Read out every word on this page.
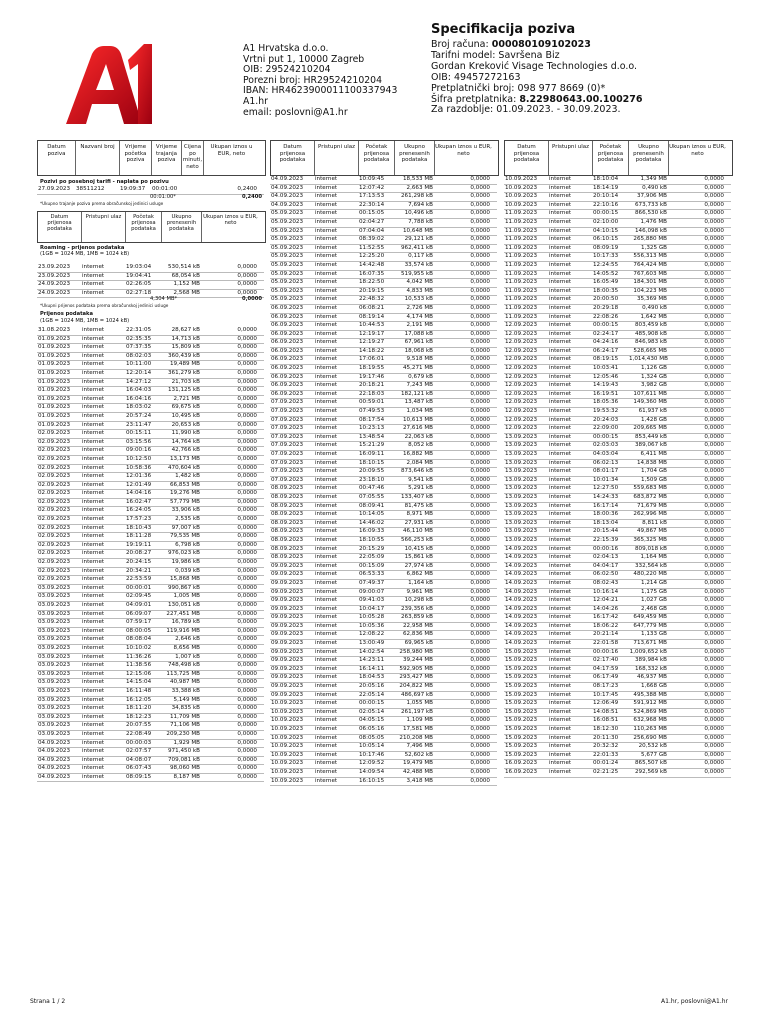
A1 Hrvatska d.o.o.
Vrtni put 1, 10000 Zagreb
OIB: 29524210204
Porezni broj: HR29524210204
IBAN: HR4623900011100337943
A1.hr
email: poslovni@A1.hr
Specifikacija poziva
Broj računa: 000080109102023
Tarifni model: Savršena Biz
Gordan Kreković Visage Technologies d.o.o.
OIB: 49457272163
Pretplatnički broj: 098 977 8669 (0)*
Šifra pretplatnika: 8.22980643.00.100276
Za razdoblje: 01.09.2023. - 30.09.2023.
Datum poziva
Nazvani broj	Vrijeme početka poziva
Vrijeme trajanja poziva
Cijena po minuti, neto
Ukupan iznos u EUR, neto
Datum prijenosa podataka
Pristupni ulaz	Početak prijenosa podataka
Ukupno prenesenih podataka
Ukupan iznos u EUR, neto
Datum prijenosa podataka
Pristupni ulaz	Početak prijenosa podataka
Ukupno prenesenih podataka
Ukupan iznos u EUR, neto
Pozivi po posebnoj tarifi - naplata po pozivu
27.09.2023	38511212	19:09:37	00:01:00	0,2400
00:01:00*	0,2400
*Ukupno trajanje poziva prema obračunskoj jedinici usluge
Datum prijenosa podataka
Pristupni ulaz	Početak prijenosa podataka
Ukupno prenesenih podataka
Ukupan iznos u EUR, neto
Roaming - prijenos podataka
(1GB = 1024 MB, 1MB = 1024 kB)
23.09.2023	internet	19:03:04	530,514 kB	0,0000
23.09.2023	internet	19:04:41	68,054 kB	0,0000
24.09.2023	internet	02:26:05	1,152 MB	0,0000
24.09.2023	internet	02:27:18	2,568 MB	0,0000
4,304 MB*	0,0000
*Ukupni prijenos podataka prema obračunskoj jedinici usluge
Prijenos podataka
(1GB = 1024 MB, 1MB = 1024 kB)
31.08.2023	internet	22:31:05	28,627 kB	0,0000
01.09.2023	internet	02:35:35	14,713 kB	0,0000
01.09.2023	internet	07:37:35	15,809 kB	0,0000
01.09.2023	internet	08:02:03	360,439 kB	0,0000
01.09.2023	internet	10:11:00	19,489 MB	0,0000
01.09.2023	internet	12:20:14	361,279 kB	0,0000
01.09.2023	internet	14:27:12	21,703 kB	0,0000
01.09.2023	internet	16:04:03	131,125 kB	0,0000
01.09.2023	internet	16:04:16	2,721 MB	0,0000
01.09.2023	internet	18:03:02	69,675 kB	0,0000
01.09.2023	internet	20:57:24	10,495 kB	0,0000
01.09.2023	internet	23:11:47	20,653 kB	0,0000
02.09.2023	internet	00:15:11	11,990 kB	0,0000
02.09.2023	internet	03:15:56	14,764 kB	0,0000
02.09.2023	internet	09:00:16	42,766 kB	0,0000
02.09.2023	internet	10:12:50	13,173 MB	0,0000
02.09.2023	internet	10:58:36	470,604 kB	0,0000
02.09.2023	internet	12:01:36	1,482 kB	0,0000
02.09.2023	internet	12:01:49	66,853 MB	0,0000
02.09.2023	internet	14:04:16	19,276 MB	0,0000
02.09.2023	internet	16:02:47	57,779 MB	0,0000
02.09.2023	internet	16:24:05	33,906 kB	0,0000
02.09.2023	internet	17:57:23	2,535 kB	0,0000
02.09.2023	internet	18:10:43	97,007 kB	0,0000
02.09.2023	internet	18:11:28	79,535 MB	0,0000
02.09.2023	internet	19:19:11	6,798 kB	0,0000
02.09.2023	internet	20:08:27	976,023 kB	0,0000
02.09.2023	internet	20:24:15	19,986 kB	0,0000
02.09.2023	internet	20:34:21	0,039 kB	0,0000
02.09.2023	internet	22:53:59	15,868 MB	0,0000
03.09.2023	internet	00:00:01	990,867 kB	0,0000
03.09.2023	internet	02:09:45	1,005 MB	0,0000
03.09.2023	internet	04:09:01	130,051 kB	0,0000
03.09.2023	internet	06:09:07	227,451 MB	0,0000
03.09.2023	internet	07:59:17	16,789 kB	0,0000
03.09.2023	internet	08:00:05	119,916 MB	0,0000
03.09.2023	internet	08:08:04	2,646 kB	0,0000
03.09.2023	internet	10:10:02	8,656 MB	0,0000
03.09.2023	internet	11:36:26	1,007 kB	0,0000
03.09.2023	internet	11:38:56	748,498 kB	0,0000
03.09.2023	internet	12:15:06	113,725 MB	0,0000
03.09.2023	internet	14:15:04	40,987 MB	0,0000
03.09.2023	internet	16:11:48	33,388 kB	0,0000
03.09.2023	internet	16:12:05	5,149 MB	0,0000
03.09.2023	internet	18:11:20	34,835 kB	0,0000
03.09.2023	internet	18:12:23	11,709 MB	0,0000
03.09.2023	internet	20:07:55	71,106 MB	0,0000
03.09.2023	internet	22:08:49	209,230 MB	0,0000
04.09.2023	internet	00:00:03	1,929 MB	0,0000
04.09.2023	internet	02:07:57	971,450 kB	0,0000
04.09.2023	internet	04:08:07	709,081 kB	0,0000
04.09.2023	internet	06:07:43	98,060 MB	0,0000
04.09.2023	internet	08:09:15	8,187 MB	0,0000
04.09.2023	internet	10:09:45	18,533 MB	0,0000
04.09.2023	internet	12:07:42	2,663 MB	0,0000
04.09.2023	internet	17:13:53	261,298 kB	0,0000
04.09.2023	internet	22:30:14	7,694 kB	0,0000
05.09.2023	internet	00:15:05	10,496 kB	0,0000
05.09.2023	internet	02:04:27	7,788 kB	0,0000
05.09.2023	internet	07:04:04	10,648 MB	0,0000
05.09.2023	internet	08:39:02	29,121 kB	0,0000
05.09.2023	internet	11:52:55	962,411 kB	0,0000
05.09.2023	internet	12:25:20	0,117 kB	0,0000
05.09.2023	internet	14:42:48	33,574 kB	0,0000
05.09.2023	internet	16:07:35	519,955 kB	0,0000
05.09.2023	internet	18:22:50	4,042 MB	0,0000
05.09.2023	internet	20:19:15	4,833 MB	0,0000
05.09.2023	internet	22:48:32	10,533 kB	0,0000
06.09.2023	internet	06:08:21	2,726 MB	0,0000
06.09.2023	internet	08:19:14	4,174 MB	0,0000
06.09.2023	internet	10:44:53	2,191 MB	0,0000
06.09.2023	internet	12:19:17	17,088 kB	0,0000
06.09.2023	internet	12:19:27	67,961 kB	0,0000
06.09.2023	internet	14:18:22	18,068 kB	0,0000
06.09.2023	internet	17:06:01	9,518 MB	0,0000
06.09.2023	internet	18:19:55	45,271 MB	0,0000
06.09.2023	internet	19:17:46	0,679 kB	0,0000
06.09.2023	internet	20:18:21	7,243 MB	0,0000
06.09.2023	internet	22:18:03	182,121 kB	0,0000
07.09.2023	internet	00:59:01	13,487 kB	0,0000
07.09.2023	internet	07:49:53	1,034 MB	0,0000
07.09.2023	internet	08:17:54	10,613 MB	0,0000
07.09.2023	internet	10:23:13	27,616 MB	0,0000
07.09.2023	internet	13:48:54	22,063 kB	0,0000
07.09.2023	internet	15:21:29	8,052 kB	0,0000
07.09.2023	internet	16:09:11	16,882 MB	0,0000
07.09.2023	internet	18:10:15	2,084 MB	0,0000
07.09.2023	internet	20:09:55	873,646 kB	0,0000
07.09.2023	internet	23:18:10	9,541 kB	0,0000
08.09.2023	internet	00:47:46	5,291 kB	0,0000
08.09.2023	internet	07:05:55	133,407 kB	0,0000
08.09.2023	internet	08:09:41	81,475 kB	0,0000
08.09.2023	internet	10:14:05	8,971 MB	0,0000
08.09.2023	internet	14:46:02	27,931 kB	0,0000
08.09.2023	internet	16:09:33	46,110 MB	0,0000
08.09.2023	internet	18:10:55	566,253 kB	0,0000
08.09.2023	internet	20:15:29	10,415 kB	0,0000
08.09.2023	internet	22:05:09	15,861 kB	0,0000
09.09.2023	internet	00:15:09	27,974 kB	0,0000
09.09.2023	internet	06:53:33	6,862 MB	0,0000
09.09.2023	internet	07:49:37	1,164 kB	0,0000
09.09.2023	internet	09:00:07	9,961 MB	0,0000
09.09.2023	internet	09:41:03	10,298 kB	0,0000
09.09.2023	internet	10:04:17	239,356 kB	0,0000
09.09.2023	internet	10:05:28	263,859 kB	0,0000
09.09.2023	internet	10:05:36	22,958 MB	0,0000
09.09.2023	internet	12:08:22	62,836 MB	0,0000
09.09.2023	internet	13:00:49	69,965 kB	0,0000
09.09.2023	internet	14:02:54	258,980 MB	0,0000
09.09.2023	internet	14:23:11	39,244 MB	0,0000
09.09.2023	internet	16:14:11	592,905 MB	0,0000
09.09.2023	internet	18:04:53	293,427 MB	0,0000
09.09.2023	internet	20:05:16	204,822 MB	0,0000
09.09.2023	internet	22:05:14	486,697 kB	0,0000
10.09.2023	internet	00:00:15	1,055 MB	0,0000
10.09.2023	internet	02:05:14	261,197 kB	0,0000
10.09.2023	internet	04:05:15	1,109 MB	0,0000
10.09.2023	internet	06:05:16	17,581 MB	0,0000
10.09.2023	internet	08:05:05	210,208 MB	0,0000
10.09.2023	internet	10:05:14	7,496 MB	0,0000
10.09.2023	internet	10:17:46	52,602 kB	0,0000
10.09.2023	internet	12:09:52	19,479 MB	0,0000
10.09.2023	internet	14:09:54	42,488 MB	0,0000
10.09.2023	internet	16:10:15	3,418 MB	0,0000
10.09.2023	internet	18:10:04	1,349 MB	0,0000
10.09.2023	internet	18:14:19	0,490 kB	0,0000
10.09.2023	internet	20:10:14	37,906 MB	0,0000
10.09.2023	internet	22:10:16	673,733 kB	0,0000
11.09.2023	internet	00:00:15	866,530 kB	0,0000
11.09.2023	internet	02:10:00	1,476 MB	0,0000
11.09.2023	internet	04:10:15	146,098 kB	0,0000
11.09.2023	internet	06:10:15	265,880 MB	0,0000
11.09.2023	internet	08:09:19	1,325 GB	0,0000
11.09.2023	internet	10:17:33	556,313 MB	0,0000
11.09.2023	internet	12:24:55	764,424 MB	0,0000
11.09.2023	internet	14:05:52	767,603 MB	0,0000
11.09.2023	internet	16:05:49	184,301 MB	0,0000
11.09.2023	internet	18:00:35	104,223 MB	0,0000
11.09.2023	internet	20:00:50	35,369 MB	0,0000
11.09.2023	internet	20:29:18	0,490 kB	0,0000
11.09.2023	internet	22:08:26	1,642 MB	0,0000
12.09.2023	internet	00:00:15	803,459 kB	0,0000
12.09.2023	internet	02:24:17	485,908 kB	0,0000
12.09.2023	internet	04:24:16	846,983 kB	0,0000
12.09.2023	internet	06:24:17	528,665 MB	0,0000
12.09.2023	internet	08:19:15	1,014,430 MB	0,0000
12.09.2023	internet	10:03:41	1,126 GB	0,0000
12.09.2023	internet	12:05:46	1,324 GB	0,0000
12.09.2023	internet	14:19:43	3,982 GB	0,0000
12.09.2023	internet	16:19:51	107,611 MB	0,0000
12.09.2023	internet	18:05:36	149,360 MB	0,0000
12.09.2023	internet	19:53:32	61,937 kB	0,0000
12.09.2023	internet	20:24:03	1,428 GB	0,0000
12.09.2023	internet	22:09:00	209,665 MB	0,0000
13.09.2023	internet	00:00:15	853,449 kB	0,0000
13.09.2023	internet	02:03:03	389,067 kB	0,0000
13.09.2023	internet	04:03:04	6,411 MB	0,0000
13.09.2023	internet	06:02:13	14,838 MB	0,0000
13.09.2023	internet	08:01:17	1,704 GB	0,0000
13.09.2023	internet	10:01:34	1,509 GB	0,0000
13.09.2023	internet	12:27:50	559,683 MB	0,0000
13.09.2023	internet	14:24:33	683,872 MB	0,0000
13.09.2023	internet	16:17:14	71,679 MB	0,0000
13.09.2023	internet	18:00:36	262,996 MB	0,0000
13.09.2023	internet	18:13:04	8,811 kB	0,0000
13.09.2023	internet	20:15:44	49,867 MB	0,0000
13.09.2023	internet	22:15:39	365,325 MB	0,0000
14.09.2023	internet	00:00:16	809,018 kB	0,0000
14.09.2023	internet	02:04:13	1,164 MB	0,0000
14.09.2023	internet	04:04:17	332,564 kB	0,0000
14.09.2023	internet	06:02:50	480,220 MB	0,0000
14.09.2023	internet	08:02:43	1,214 GB	0,0000
14.09.2023	internet	10:16:14	1,175 GB	0,0000
14.09.2023	internet	12:04:21	1,027 GB	0,0000
14.09.2023	internet	14:04:26	2,468 GB	0,0000
14.09.2023	internet	16:17:42	649,459 MB	0,0000
14.09.2023	internet	18:06:22	647,779 MB	0,0000
14.09.2023	internet	20:21:14	1,133 GB	0,0000
14.09.2023	internet	22:01:58	713,671 MB	0,0000
15.09.2023	internet	00:00:16	1,009,652 kB	0,0000
15.09.2023	internet	02:17:40	389,984 kB	0,0000
15.09.2023	internet	04:17:59	168,332 kB	0,0000
15.09.2023	internet	06:17:49	46,937 MB	0,0000
15.09.2023	internet	08:17:23	1,668 GB	0,0000
15.09.2023	internet	10:17:45	495,388 MB	0,0000
15.09.2023	internet	12:06:49	591,912 MB	0,0000
15.09.2023	internet	14:08:51	524,869 MB	0,0000
15.09.2023	internet	16:08:51	632,968 MB	0,0000
15.09.2023	internet	18:12:30	110,263 MB	0,0000
15.09.2023	internet	20:11:30	256,690 MB	0,0000
15.09.2023	internet	20:32:32	20,532 kB	0,0000
15.09.2023	internet	22:01:33	5,677 GB	0,0000
16.09.2023	internet	00:01:24	865,507 kB	0,0000
16.09.2023	internet	02:21:25	292,569 kB	0,0000
Strana 1 / 2	A1.hr, poslovni@A1.hr
